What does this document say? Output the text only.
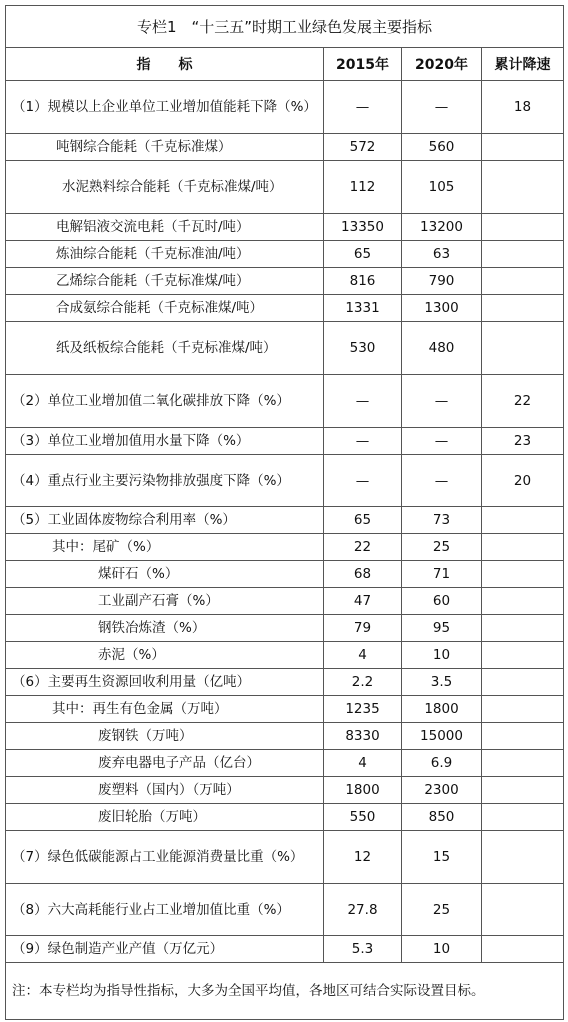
专栏1　“十三五”时期工业绿色发展主要指标			
指　　标	2015年	2020年	累计降速
（1）规模以上企业单位工业增加值能耗下降（%）	—	—	18
吨钢综合能耗（千克标准煤）	572	560	
水泥熟料综合能耗（千克标准煤/吨）	112	105	
电解铝液交流电耗（千瓦时/吨）	13350	13200	
炼油综合能耗（千克标准油/吨）	65	63	
乙烯综合能耗（千克标准煤/吨）	816	790	
合成氨综合能耗（千克标准煤/吨）	1331	1300	
纸及纸板综合能耗（千克标准煤/吨）	530	480	
（2）单位工业增加值二氧化碳排放下降（%）	—	—	22
（3）单位工业增加值用水量下降（%）	—	—	23
（4）重点行业主要污染物排放强度下降（%）	—	—	20
（5）工业固体废物综合利用率（%）	65	73	
其中：尾矿（%）	22	25	
煤矸石（%）	68	71	
工业副产石膏（%）	47	60	
钢铁冶炼渣（%）	79	95	
赤泥（%）	4	10	
（6）主要再生资源回收利用量（亿吨）	2.2	3.5	
其中：再生有色金属（万吨）	1235	1800	
废钢铁（万吨）	8330	15000	
废弃电器电子产品（亿台）	4	6.9	
废塑料（国内）（万吨）	1800	2300	
废旧轮胎（万吨）	550	850	
（7）绿色低碳能源占工业能源消费量比重（%）	12	15	
（8）六大高耗能行业占工业增加值比重（%）	27.8	25	
（9）绿色制造产业产值（万亿元）	5.3	10	
注：本专栏均为指导性指标，大多为全国平均值，各地区可结合实际设置目标。			
